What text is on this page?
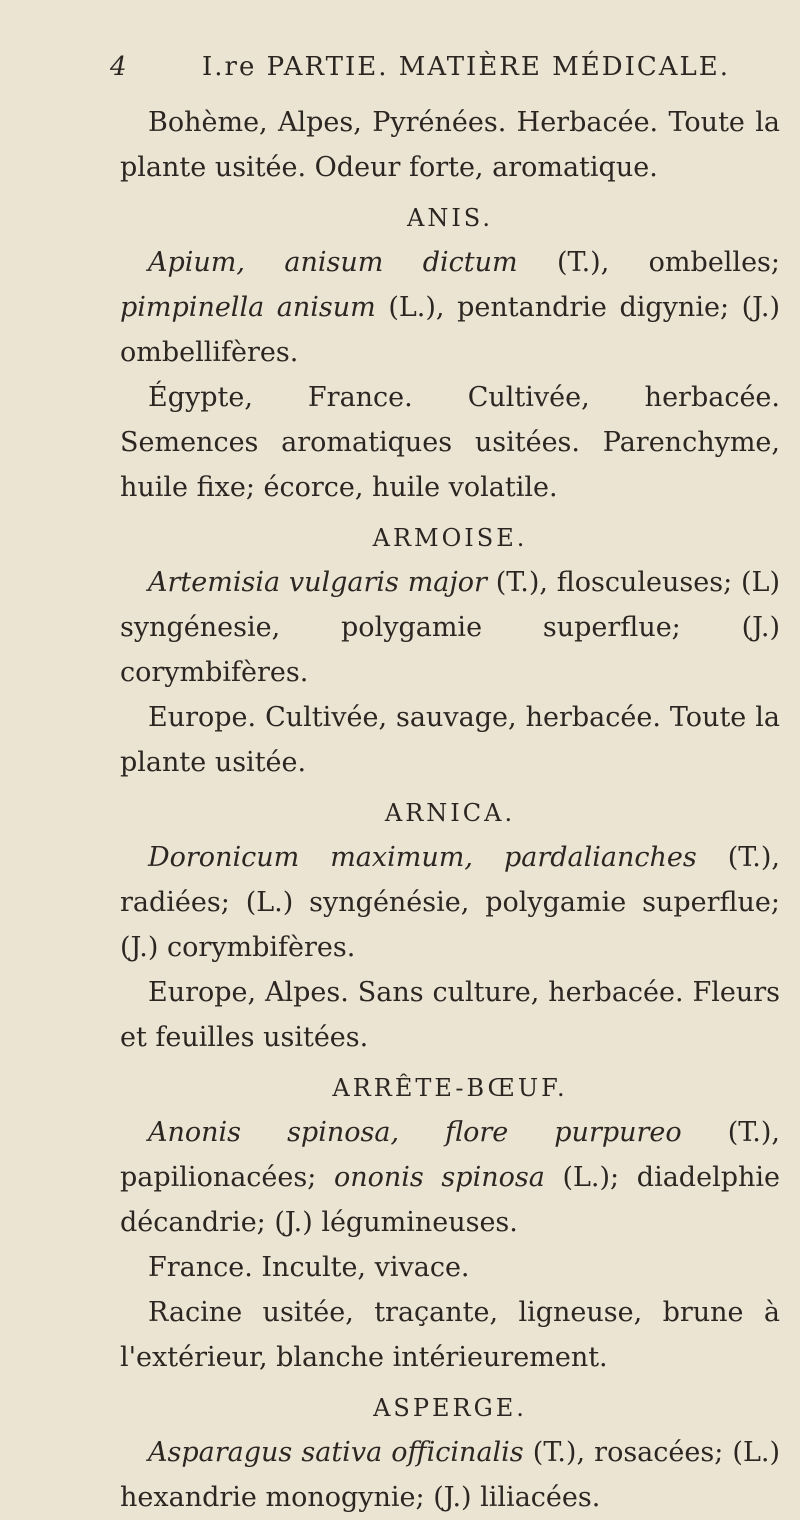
4	I.re PARTIE. MATIÈRE MÉDICALE.

Bohème, Alpes, Pyrénées. Herbacée. Toute la plante usitée. Odeur forte, aromatique.

ANIS.

Apium, anisum dictum (T.), ombelles; pimpinella anisum (L.), pentandrie digynie; (J.) ombellifères.

Égypte, France. Cultivée, herbacée. Semences aromatiques usitées. Parenchyme, huile fixe; écorce, huile volatile.

ARMOISE.

Artemisia vulgaris major (T.), flosculeuses; (L) syngénesie, polygamie superflue; (J.) corymbifères.

Europe. Cultivée, sauvage, herbacée. Toute la plante usitée.

ARNICA.

Doronicum maximum, pardalianches (T.), radiées; (L.) syngénésie, polygamie superflue; (J.) corymbifères.

Europe, Alpes. Sans culture, herbacée. Fleurs et feuilles usitées.

ARRÊTE-BŒUF.

Anonis spinosa, flore purpureo (T.), papilionacées; ononis spinosa (L.); diadelphie décandrie; (J.) légumineuses.

France. Inculte, vivace.

Racine usitée, traçante, ligneuse, brune à l'extérieur, blanche intérieurement.

ASPERGE.

Asparagus sativa officinalis (T.), rosacées; (L.) hexandrie monogynie; (J.) liliacées.
